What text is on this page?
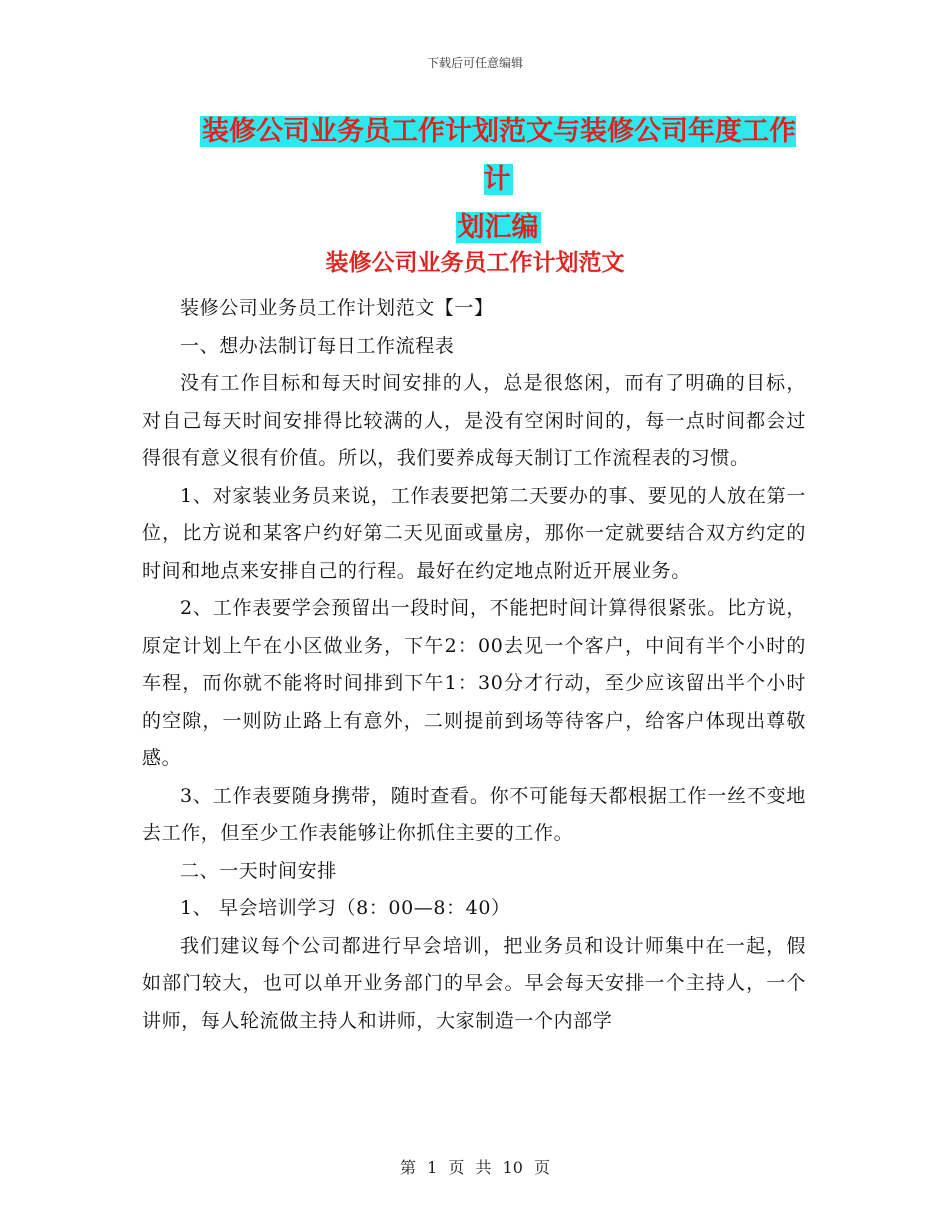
下载后可任意编辑
装修公司业务员工作计划范文与装修公司年度工作计
划汇编
装修公司业务员工作计划范文

装修公司业务员工作计划范文【一】

一、想办法制订每日工作流程表

没有工作目标和每天时间安排的人，总是很悠闲，而有了明确的目标，对自己每天时间安排得比较满的人，是没有空闲时间的，每一点时间都会过得很有意义很有价值。所以，我们要养成每天制订工作流程表的习惯。

1、对家装业务员来说，工作表要把第二天要办的事、要见的人放在第一位，比方说和某客户约好第二天见面或量房，那你一定就要结合双方约定的时间和地点来安排自己的行程。最好在约定地点附近开展业务。

2、工作表要学会预留出一段时间，不能把时间计算得很紧张。比方说，原定计划上午在小区做业务，下午2：00去见一个客户，中间有半个小时的车程，而你就不能将时间排到下午1：30分才行动，至少应该留出半个小时的空隙，一则防止路上有意外，二则提前到场等待客户，给客户体现出尊敬感。

3、工作表要随身携带，随时查看。你不可能每天都根据工作一丝不变地去工作，但至少工作表能够让你抓住主要的工作。

二、一天时间安排

1、 早会培训学习（8：00—8：40）

我们建议每个公司都进行早会培训，把业务员和设计师集中在一起，假如部门较大，也可以单开业务部门的早会。早会每天安排一个主持人，一个讲师，每人轮流做主持人和讲师，大家制造一个内部学

第 1 页 共 10 页
